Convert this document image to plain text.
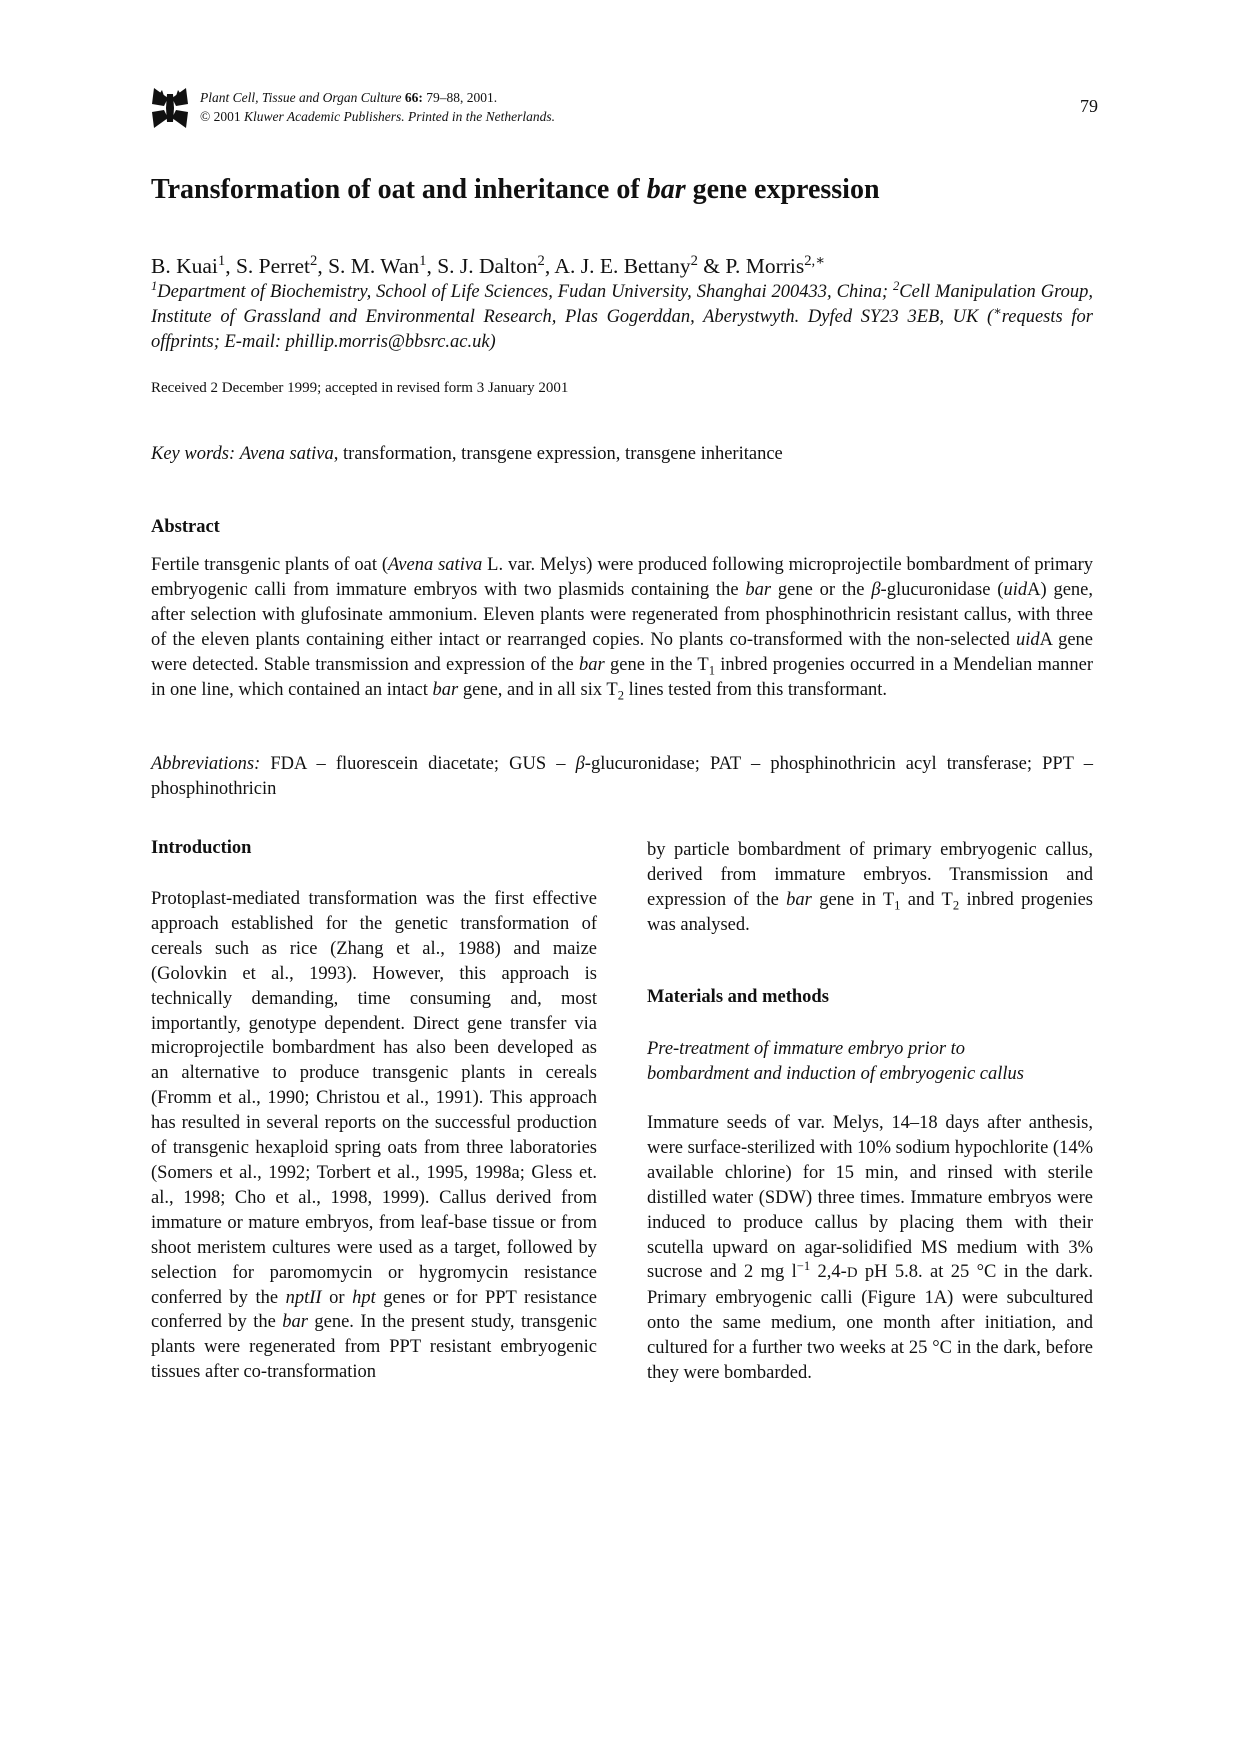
Plant Cell, Tissue and Organ Culture 66: 79–88, 2001.
© 2001 Kluwer Academic Publishers. Printed in the Netherlands.
79
Transformation of oat and inheritance of bar gene expression
B. Kuai$^1$, S. Perret$^2$, S. M. Wan$^1$, S. J. Dalton$^2$, A. J. E. Bettany$^2$ & P. Morris$^{2,∗}$

$^1$Department of Biochemistry, School of Life Sciences, Fudan University, Shanghai 200433, China; $^2$Cell Manipulation Group, Institute of Grassland and Environmental Research, Plas Gogerddan, Aberystwyth. Dyfed SY23 3EB, UK (∗requests for offprints; E-mail: phillip.morris@bbsrc.ac.uk)

Received 2 December 1999; accepted in revised form 3 January 2001
Key words: Avena sativa, transformation, transgene expression, transgene inheritance
Abstract

Fertile transgenic plants of oat (Avena sativa L. var. Melys) were produced following microprojectile bombardment of primary embryogenic calli from immature embryos with two plasmids containing the bar gene or the β-glucuronidase (uidA) gene, after selection with glufosinate ammonium. Eleven plants were regenerated from phosphinothricin resistant callus, with three of the eleven plants containing either intact or rearranged copies. No plants co-transformed with the non-selected uidA gene were detected. Stable transmission and expression of the bar gene in the $T_1$ inbred progenies occurred in a Mendelian manner in one line, which contained an intact bar gene, and in all six $T_2$ lines tested from this transformant.

Abbreviations: FDA – fluorescein diacetate; GUS – β-glucuronidase; PAT – phosphinothricin acyl transferase; PPT – phosphinothricin

Introduction

Protoplast-mediated transformation was the first effective approach established for the genetic transformation of cereals such as rice (Zhang et al., 1988) and maize (Golovkin et al., 1993). However, this approach is technically demanding, time consuming and, most importantly, genotype dependent. Direct gene transfer via microprojectile bombardment has also been developed as an alternative to produce transgenic plants in cereals (Fromm et al., 1990; Christou et al., 1991). This approach has resulted in several reports on the successful production of transgenic hexaploid spring oats from three laboratories (Somers et al., 1992; Torbert et al., 1995, 1998a; Gless et. al., 1998; Cho et al., 1998, 1999). Callus derived from immature or mature embryos, from leaf-base tissue or from shoot meristem cultures were used as a target, followed by selection for paromomycin or hygromycin resistance conferred by the nptII or hpt genes or for PPT resistance conferred by the bar gene. In the present study, transgenic plants were regenerated from PPT resistant embryogenic tissues after co-transformation

by particle bombardment of primary embryogenic callus, derived from immature embryos. Transmission and expression of the bar gene in $T_1$ and $T_2$ inbred progenies was analysed.

Materials and methods

Pre-treatment of immature embryo prior to bombardment and induction of embryogenic callus

Immature seeds of var. Melys, 14–18 days after anthesis, were surface-sterilized with 10% sodium hypochlorite (14% available chlorine) for 15 min, and rinsed with sterile distilled water (SDW) three times. Immature embryos were induced to produce callus by placing them with their scutella upward on agar-solidified MS medium with 3% sucrose and 2 mg $l^{-1}$ 2,4-D pH 5.8. at 25 °C in the dark. Primary embryogenic calli (Figure 1A) were subcultured onto the same medium, one month after initiation, and cultured for a further two weeks at 25 °C in the dark, before they were bombarded.
